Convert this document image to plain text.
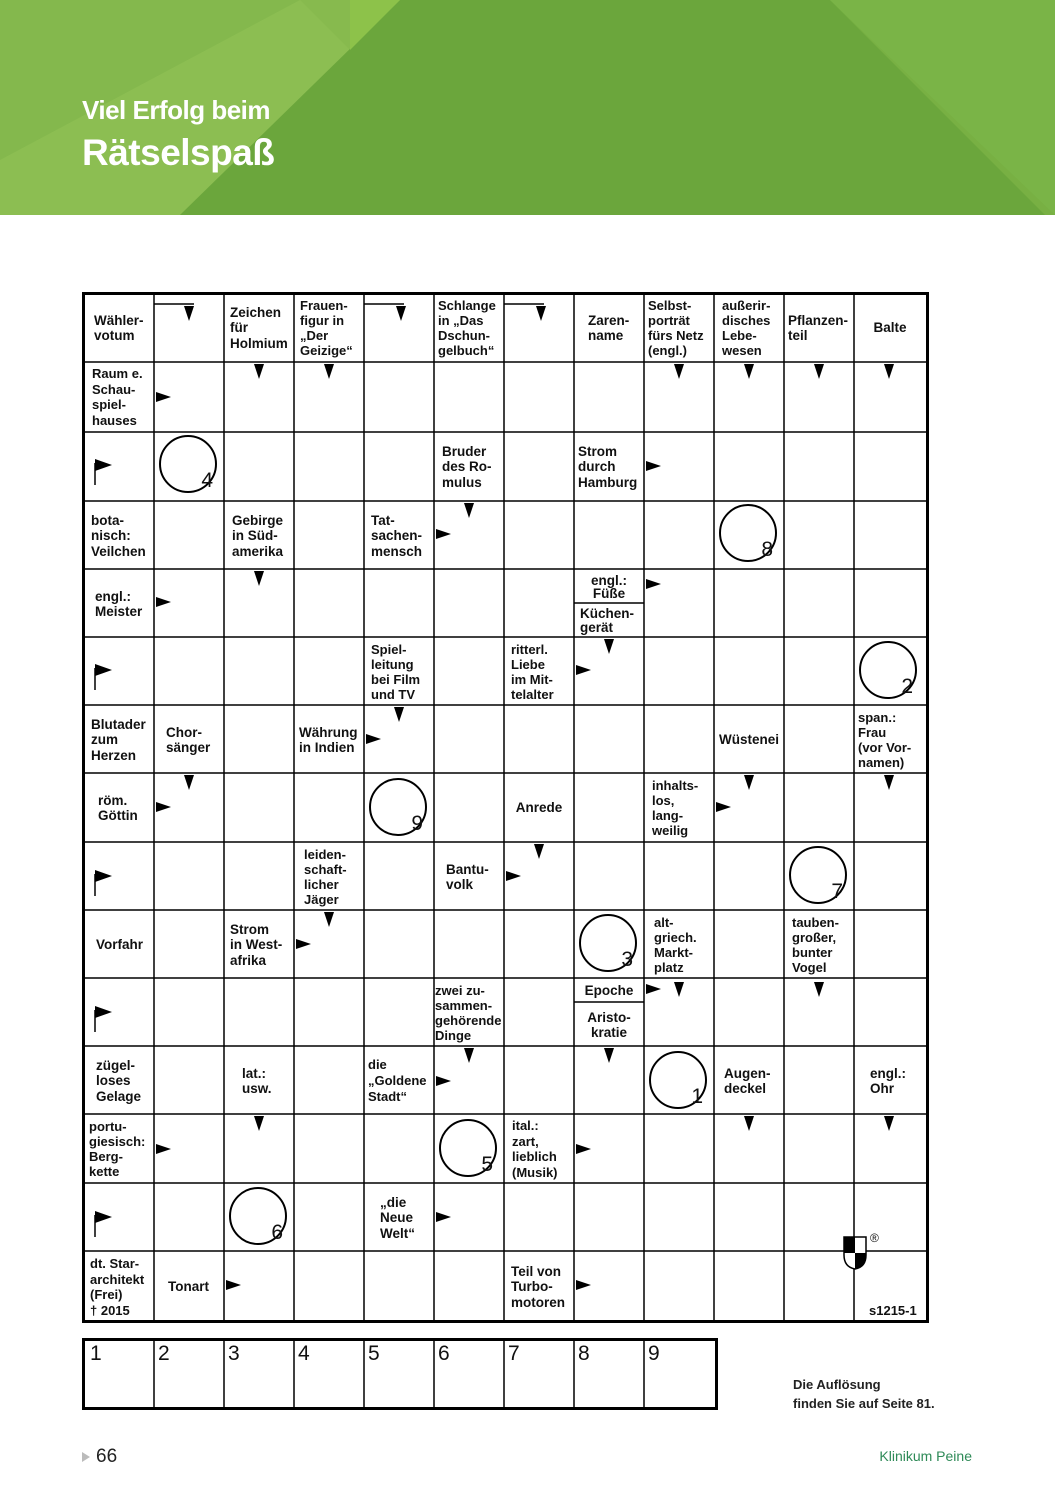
Viel Erfolg beim
Rätselspaß
Wähler-
votum
Zeichen
für
Holmium
Frauen-
figur in
„Der
Geizige“
Schlange
in „Das
Dschun-
gelbuch“
Zaren-
name
Selbst-
porträt
fürs Netz
(engl.)
außerir-
disches
Lebe-
wesen
Pflanzen-
teil
Balte
Raum e.
Schau-
spiel-
hauses
Bruder
des Ro-
mulus
Strom
durch
Hamburg
bota-
nisch:
Veilchen
Gebirge
in Süd-
amerika
Tat-
sachen-
mensch
engl.:
Meister
engl.:
Füße
Küchen-
gerät
Spiel-
leitung
bei Film
und TV
ritterl.
Liebe
im Mit-
telalter
Blutader
zum
Herzen
Chor-
sänger
Währung
in Indien
Wüstenei
span.:
Frau
(vor Vor-
namen)
röm.
Göttin
Anrede
inhalts-
los,
lang-
weilig
leiden-
schaft-
licher
Jäger
Bantu-
volk
Vorfahr
Strom
in West-
afrika
alt-
griech.
Markt-
platz
tauben-
großer,
bunter
Vogel
zwei zu-
sammen-
gehörende
Dinge
Epoche
Aristo-
kratie
zügel-
loses
Gelage
lat.:
usw.
die
„Goldene
Stadt“
Augen-
deckel
engl.:
Ohr
portu-
giesisch:
Berg-
kette
ital.:
zart,
lieblich
(Musik)
„die
Neue
Welt“
dt. Star-
architekt
(Frei)
† 2015
Tonart
Teil von
Turbo-
motoren
4
8
2
9
7
3
1
5
6	®
s1215-1
1	2	3	4	5	6	7	8	9
Die Auflösung
finden Sie auf Seite 81.
66	Klinikum Peine
